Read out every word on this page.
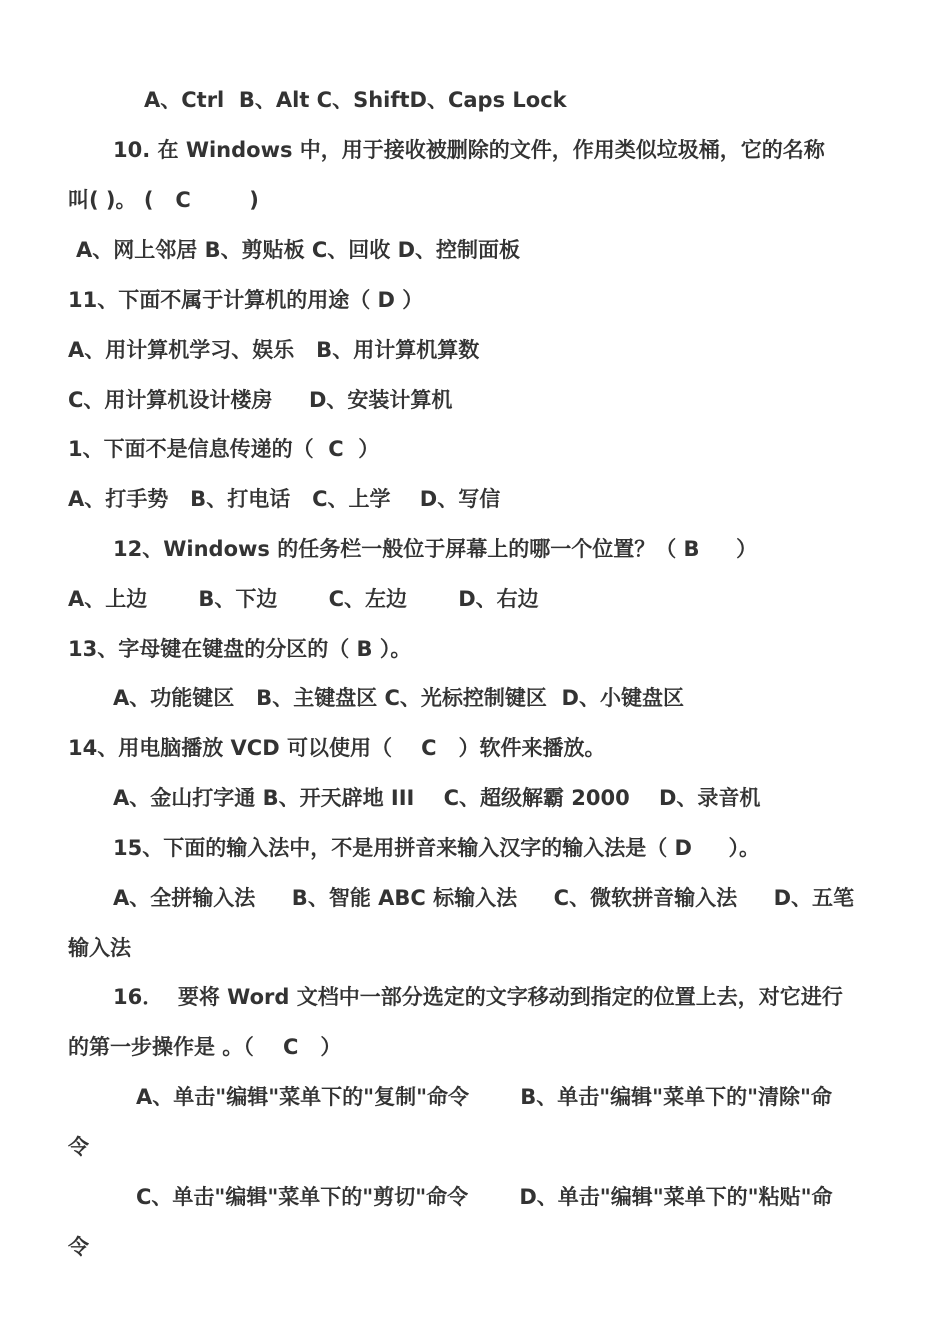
A、Ctrl  B、Alt C、ShiftD、Caps Lock
10. 在 Windows 中，用于接收被删除的文件，作用类似垃圾桶，它的名称
叫( )。 (   C        )
A、网上邻居 B、剪贴板 C、回收 D、控制面板
11、下面不属于计算机的用途（ D ）
A、用计算机学习、娱乐   B、用计算机算数
C、用计算机设计楼房     D、安装计算机
1、下面不是信息传递的（  C  ）
A、打手势   B、打电话   C、上学    D、写信
12、Windows 的任务栏一般位于屏幕上的哪一个位置？（ B     ）
A、上边       B、下边       C、左边       D、右边
13、字母键在键盘的分区的（ B ）。
A、功能键区   B、主键盘区 C、光标控制键区  D、小键盘区
14、用电脑播放 VCD 可以使用（    C   ）软件来播放。
A、金山打字通 B、开天辟地 III    C、超级解霸 2000    D、录音机
15、下面的输入法中，不是用拼音来输入汉字的输入法是（ D     ）。
A、全拼输入法     B、智能 ABC 标输入法     C、微软拼音输入法     D、五笔
输入法
16．  要将 Word 文档中一部分选定的文字移动到指定的位置上去，对它进行
的第一步操作是 。（    C   ）
A、单击"编辑"菜单下的"复制"命令       B、单击"编辑"菜单下的"清除"命
令
C、单击"编辑"菜单下的"剪切"命令       D、单击"编辑"菜单下的"粘贴"命
令
